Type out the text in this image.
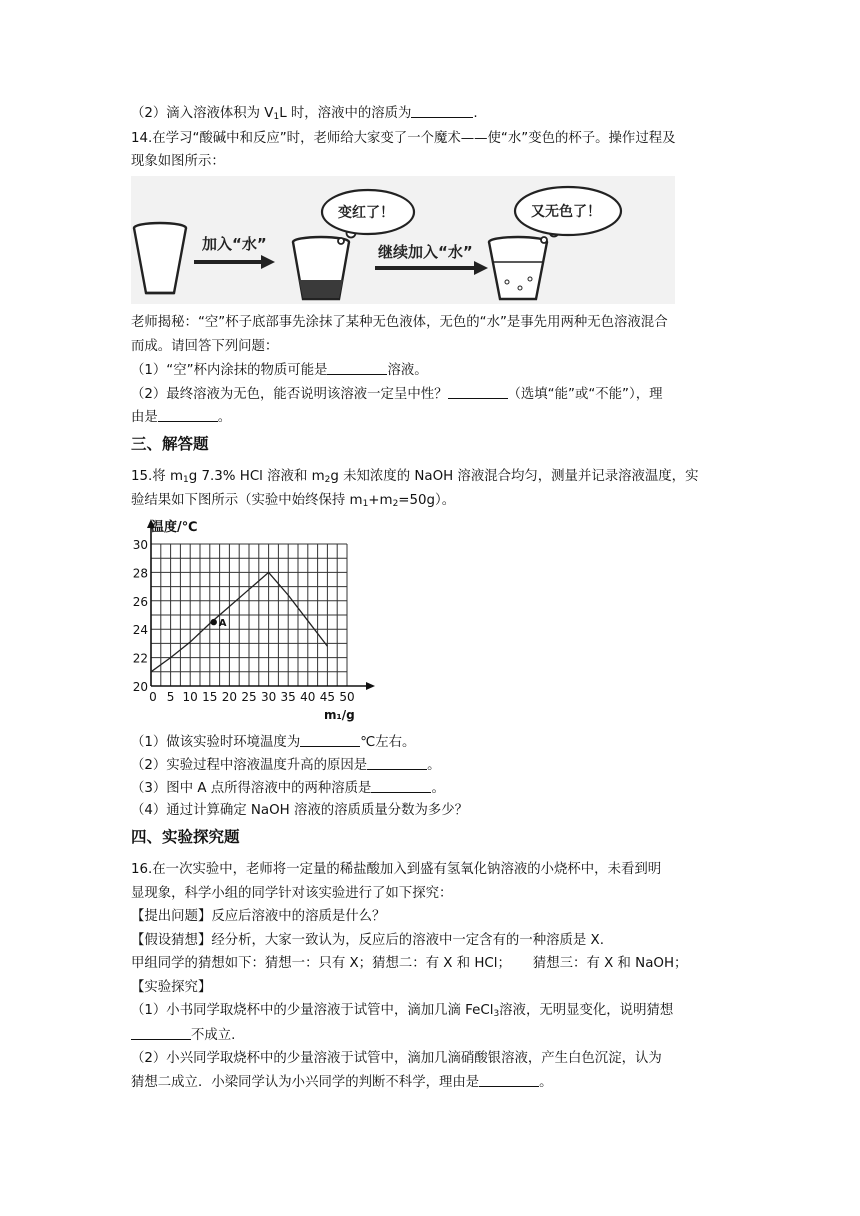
（2）滴入溶液体积为 $V_1L$ 时，溶液中的溶质为	.
14.在学习“酸碱中和反应”时，老师给大家变了一个魔术——使“水”变色的杯子。操作过程及
现象如图所示：
加入“水”
变红了！
继续加入“水”
又无色了！
老师揭秘：“空”杯子底部事先涂抹了某种无色液体，无色的“水”是事先用两种无色溶液混合
而成。请回答下列问题：
（1）“空”杯内涂抹的物质可能是	溶液。
（2）最终溶液为无色，能否说明该溶液一定呈中性？	（选填“能”或“不能”），理
由是	。
三、解答题
15.将 $m_1g$ 7.3% HCl 溶液和 $m_2g$ 未知浓度的 NaOH 溶液混合均匀，测量并记录溶液温度，实
验结果如下图所示（实验中始终保持 $m_1+m_2=50g$）。
0 5 10 15 20 25 30 35 40 45 50
20
22
24
26
28
30
A
温度/℃
m₁/g
（1）做该实验时环境温度为	℃左右。
（2）实验过程中溶液温度升高的原因是	。
（3）图中 A 点所得溶液中的两种溶质是	。
（4）通过计算确定 NaOH 溶液的溶质质量分数为多少？
四、实验探究题
16.在一次实验中，老师将一定量的稀盐酸加入到盛有氢氧化钠溶液的小烧杯中，未看到明
显现象，科学小组的同学针对该实验进行了如下探究：
【提出问题】反应后溶液中的溶质是什么？
【假设猜想】经分析，大家一致认为，反应后的溶液中一定含有的一种溶质是 X.
甲组同学的猜想如下：猜想一：只有 X；猜想二：有 X 和 HCl； 猜想三：有 X 和 NaOH；
【实验探究】
（1）小书同学取烧杯中的少量溶液于试管中，滴加几滴 FeCl$_3$溶液，无明显变化，说明猜想
不成立.
（2）小兴同学取烧杯中的少量溶液于试管中，滴加几滴硝酸银溶液，产生白色沉淀，认为
猜想二成立．小梁同学认为小兴同学的判断不科学，理由是	。
